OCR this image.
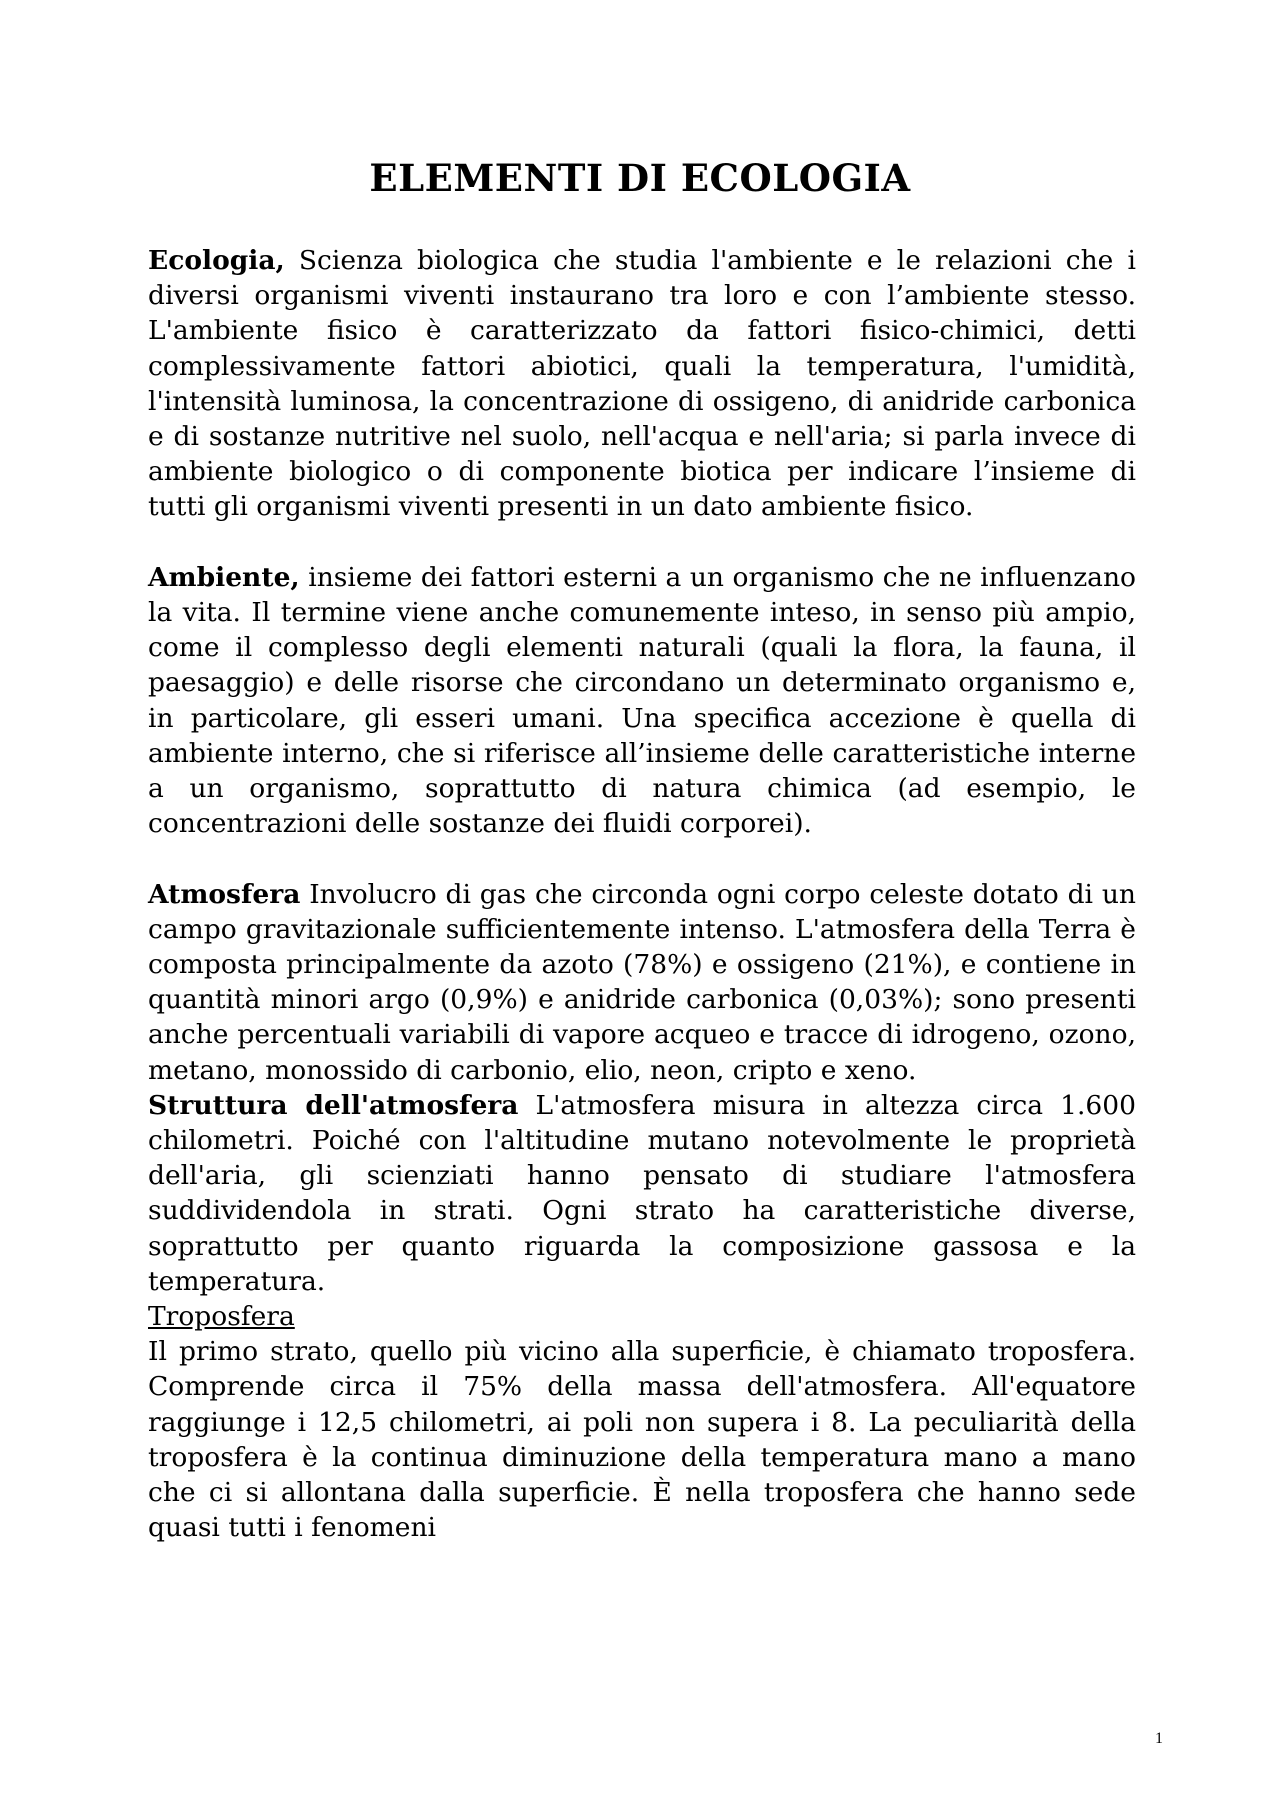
ELEMENTI DI ECOLOGIA

Ecologia, Scienza biologica che studia l'ambiente e le relazioni che i diversi organismi viventi instaurano tra loro e con l’ambiente stesso. L'ambiente fisico è caratterizzato da fattori fisico-chimici, detti complessivamente fattori abiotici, quali la temperatura, l'umidità, l'intensità luminosa, la concentrazione di ossigeno, di anidride carbonica e di sostanze nutritive nel suolo, nell'acqua e nell'aria; si parla invece di ambiente biologico o di componente biotica per indicare l’insieme di tutti gli organismi viventi presenti in un dato ambiente fisico.

Ambiente, insieme dei fattori esterni a un organismo che ne influenzano la vita. Il termine viene anche comunemente inteso, in senso più ampio, come il complesso degli elementi naturali (quali la flora, la fauna, il paesaggio) e delle risorse che circondano un determinato organismo e, in particolare, gli esseri umani. Una specifica accezione è quella di ambiente interno, che si riferisce all’insieme delle caratteristiche interne a un organismo, soprattutto di natura chimica (ad esempio, le concentrazioni delle sostanze dei fluidi corporei).

Atmosfera Involucro di gas che circonda ogni corpo celeste dotato di un campo gravitazionale sufficientemente intenso. L'atmosfera della Terra è composta principalmente da azoto (78%) e ossigeno (21%), e contiene in quantità minori argo (0,9%) e anidride carbonica (0,03%); sono presenti anche percentuali variabili di vapore acqueo e tracce di idrogeno, ozono, metano, monossido di carbonio, elio, neon, cripto e xeno.

Struttura dell'atmosfera L'atmosfera misura in altezza circa 1.600 chilometri. Poiché con l'altitudine mutano notevolmente le proprietà dell'aria, gli scienziati hanno pensato di studiare l'atmosfera suddividendola in strati. Ogni strato ha caratteristiche diverse, soprattutto per quanto riguarda la composizione gassosa e la temperatura.

Troposfera

Il primo strato, quello più vicino alla superficie, è chiamato troposfera. Comprende circa il 75% della massa dell'atmosfera. All'equatore raggiunge i 12,5 chilometri, ai poli non supera i 8. La peculiarità della troposfera è la continua diminuzione della temperatura mano a mano che ci si allontana dalla superficie. È nella troposfera che hanno sede quasi tutti i fenomeni

1
